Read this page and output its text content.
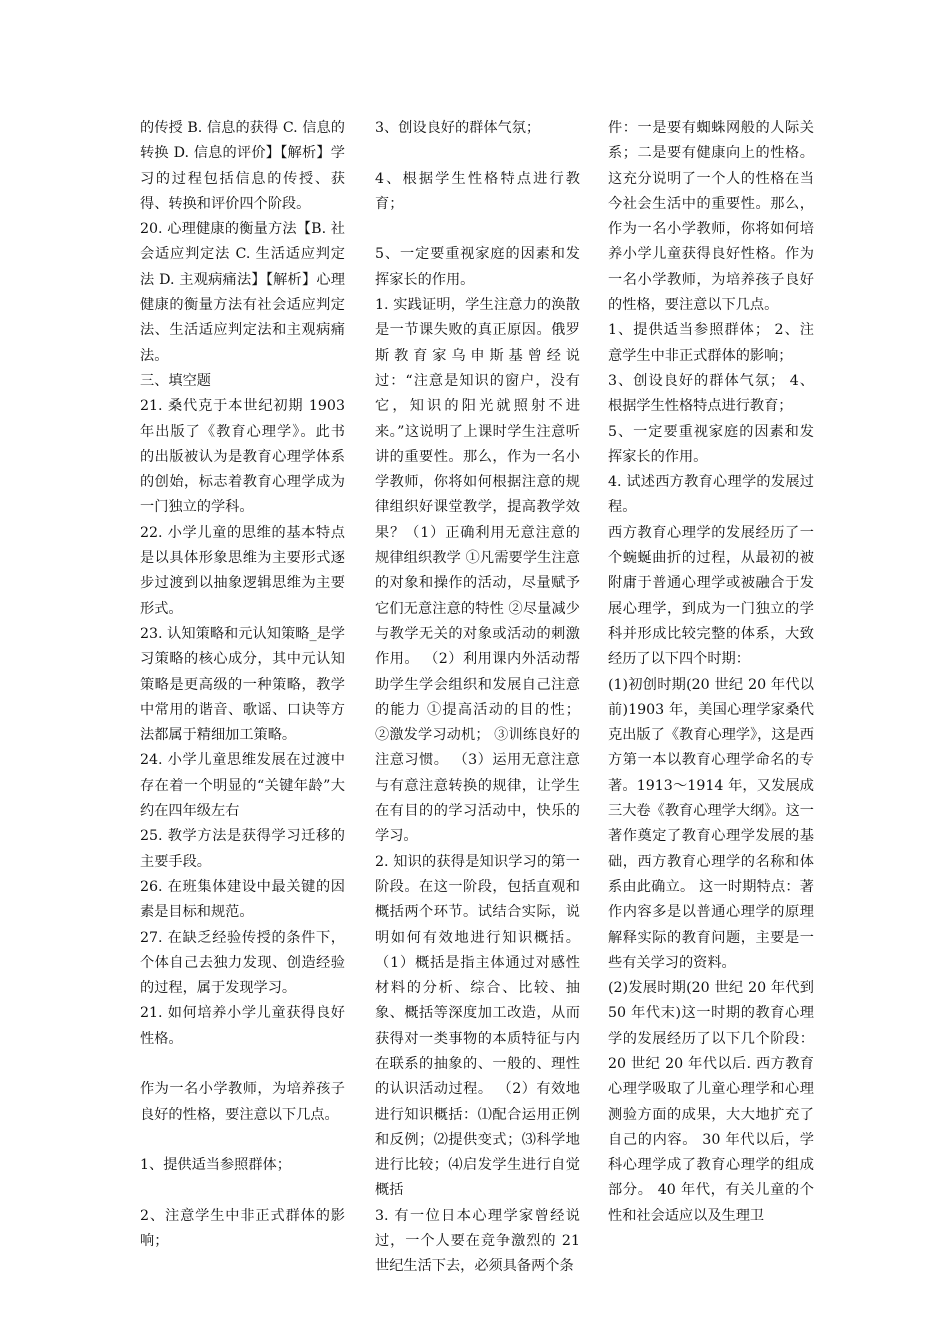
的传授 B. 信息的获得 C. 信息的转换 D. 信息的评价】【解析】学习的过程包括信息的传授、获得、转换和评价四个阶段。

20. 心理健康的衡量方法【B. 社会适应判定法 C. 生活适应判定法 D. 主观病痛法】【解析】心理健康的衡量方法有社会适应判定法、生活适应判定法和主观病痛法。

三、填空题

21. 桑代克于本世纪初期 1903 年出版了《教育心理学》。此书的出版被认为是教育心理学体系的创始，标志着教育心理学成为一门独立的学科。

22. 小学儿童的思维的基本特点是以具体形象思维为主要形式逐步过渡到以抽象逻辑思维为主要形式。

23. 认知策略和元认知策略_是学习策略的核心成分，其中元认知策略是更高级的一种策略，教学中常用的谐音、歌谣、口诀等方法都属于精细加工策略。

24. 小学儿童思维发展在过渡中存在着一个明显的“关键年龄”大约在四年级左右

25. 教学方法是获得学习迁移的主要手段。

26. 在班集体建设中最关键的因素是目标和规范。

27. 在缺乏经验传授的条件下，个体自己去独力发现、创造经验的过程，属于发现学习。

21. 如何培养小学儿童获得良好性格。

作为一名小学教师，为培养孩子良好的性格，要注意以下几点。

1、提供适当参照群体；

2、注意学生中非正式群体的影响；

3、创设良好的群体气氛；

4、根据学生性格特点进行教育；

5、一定要重视家庭的因素和发挥家长的作用。

1. 实践证明，学生注意力的涣散是一节课失败的真正原因。俄罗斯教育家乌申斯基曾经说过：“注意是知识的窗户，没有它，知识的阳光就照射不进来。”这说明了上课时学生注意听讲的重要性。那么，作为一名小学教师，你将如何根据注意的规律组织好课堂教学，提高教学效果？（1）正确利用无意注意的规律组织教学 ①凡需要学生注意的对象和操作的活动，尽量赋予它们无意注意的特性 ②尽量减少与教学无关的对象或活动的刺激作用。 （2）利用课内外活动帮助学生学会组织和发展自己注意的能力 ①提高活动的目的性； ②激发学习动机； ③训练良好的注意习惯。 （3）运用无意注意与有意注意转换的规律，让学生在有目的的学习活动中，快乐的学习。

2. 知识的获得是知识学习的第一阶段。在这一阶段，包括直观和概括两个环节。试结合实际，说明如何有效地进行知识概括。（1）概括是指主体通过对感性材料的分析、综合、比较、抽象、概括等深度加工改造，从而获得对一类事物的本质特征与内在联系的抽象的、一般的、理性的认识活动过程。 （2）有效地进行知识概括：⑴配合运用正例和反例；⑵提供变式；⑶科学地进行比较；⑷启发学生进行自觉概括

3. 有一位日本心理学家曾经说过，一个人要在竞争激烈的 21 世纪生活下去，必须具备两个条

件：一是要有蜘蛛网般的人际关系；二是要有健康向上的性格。这充分说明了一个人的性格在当今社会生活中的重要性。那么，作为一名小学教师，你将如何培养小学儿童获得良好性格。作为一名小学教师，为培养孩子良好的性格，要注意以下几点。

1、提供适当参照群体； 2、注意学生中非正式群体的影响；

3、创设良好的群体气氛； 4、根据学生性格特点进行教育；

5、一定要重视家庭的因素和发挥家长的作用。

4. 试述西方教育心理学的发展过程。

西方教育心理学的发展经历了一个蜿蜒曲折的过程，从最初的被附庸于普通心理学或被融合于发展心理学，到成为一门独立的学科并形成比较完整的体系，大致经历了以下四个时期：

(1)初创时期(20 世纪 20 年代以前)1903 年，美国心理学家桑代克出版了《教育心理学》，这是西方第一本以教育心理学命名的专著。1913～1914 年，又发展成三大卷《教育心理学大纲》。这一著作奠定了教育心理学发展的基础，西方教育心理学的名称和体系由此确立。 这一时期特点：著作内容多是以普通心理学的原理解释实际的教育问题，主要是一些有关学习的资料。

(2)发展时期(20 世纪 20 年代到 50 年代末)这一时期的教育心理学的发展经历了以下几个阶段：20 世纪 20 年代以后. 西方教育心理学吸取了儿童心理学和心理测验方面的成果，大大地扩充了自己的内容。 30 年代以后，学科心理学成了教育心理学的组成部分。 40 年代，有关儿童的个性和社会适应以及生理卫
